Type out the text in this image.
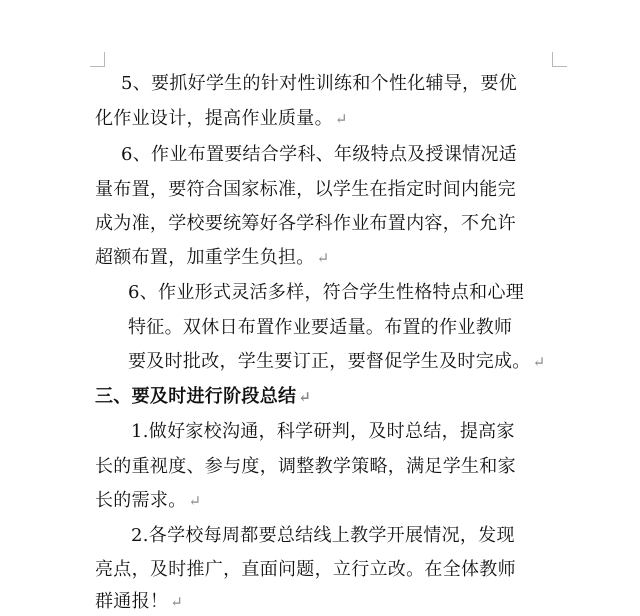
5、要抓好学生的针对性训练和个性化辅导，要优
化作业设计，提高作业质量。 ↵
6、作业布置要结合学科、年级特点及授课情况适
量布置，要符合国家标准，以学生在指定时间内能完
成为准，学校要统筹好各学科作业布置内容，不允许
超额布置，加重学生负担。 ↵
6、作业形式灵活多样，符合学生性格特点和心理
特征。双休日布置作业要适量。布置的作业教师
要及时批改，学生要订正，要督促学生及时完成。 ↵
三、要及时进行阶段总结 ↵
1.做好家校沟通，科学研判，及时总结，提高家
长的重视度、参与度，调整教学策略，满足学生和家
长的需求。 ↵
2.各学校每周都要总结线上教学开展情况，发现
亮点，及时推广，直面问题，立行立改。在全体教师
群通报！ ↵
